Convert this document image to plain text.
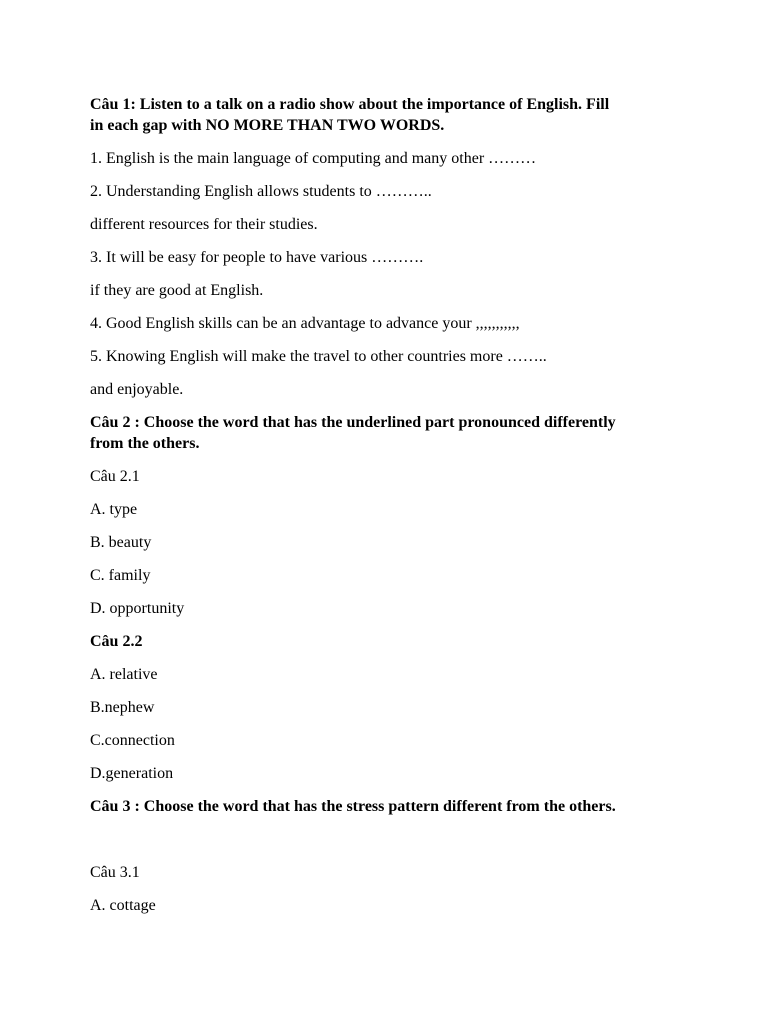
Câu 1: Listen to a talk on a radio show about the importance of English. Fill
in each gap with NO MORE THAN TWO WORDS.

1. English is the main language of computing and many other ………

2. Understanding English allows students to ………..

different resources for their studies.

3. It will be easy for people to have various ……….

if they are good at English.

4. Good English skills can be an advantage to advance your ,,,,,,,,,,,

5. Knowing English will make the travel to other countries more ……..

and enjoyable.

Câu 2 : Choose the word that has the underlined part pronounced differently
from the others.

Câu 2.1

A. type

B. beauty

C. family

D. opportunity

Câu 2.2

A. relative

B.nephew

C.connection

D.generation

Câu 3 : Choose the word that has the stress pattern different from the others.

Câu 3.1

A. cottage
